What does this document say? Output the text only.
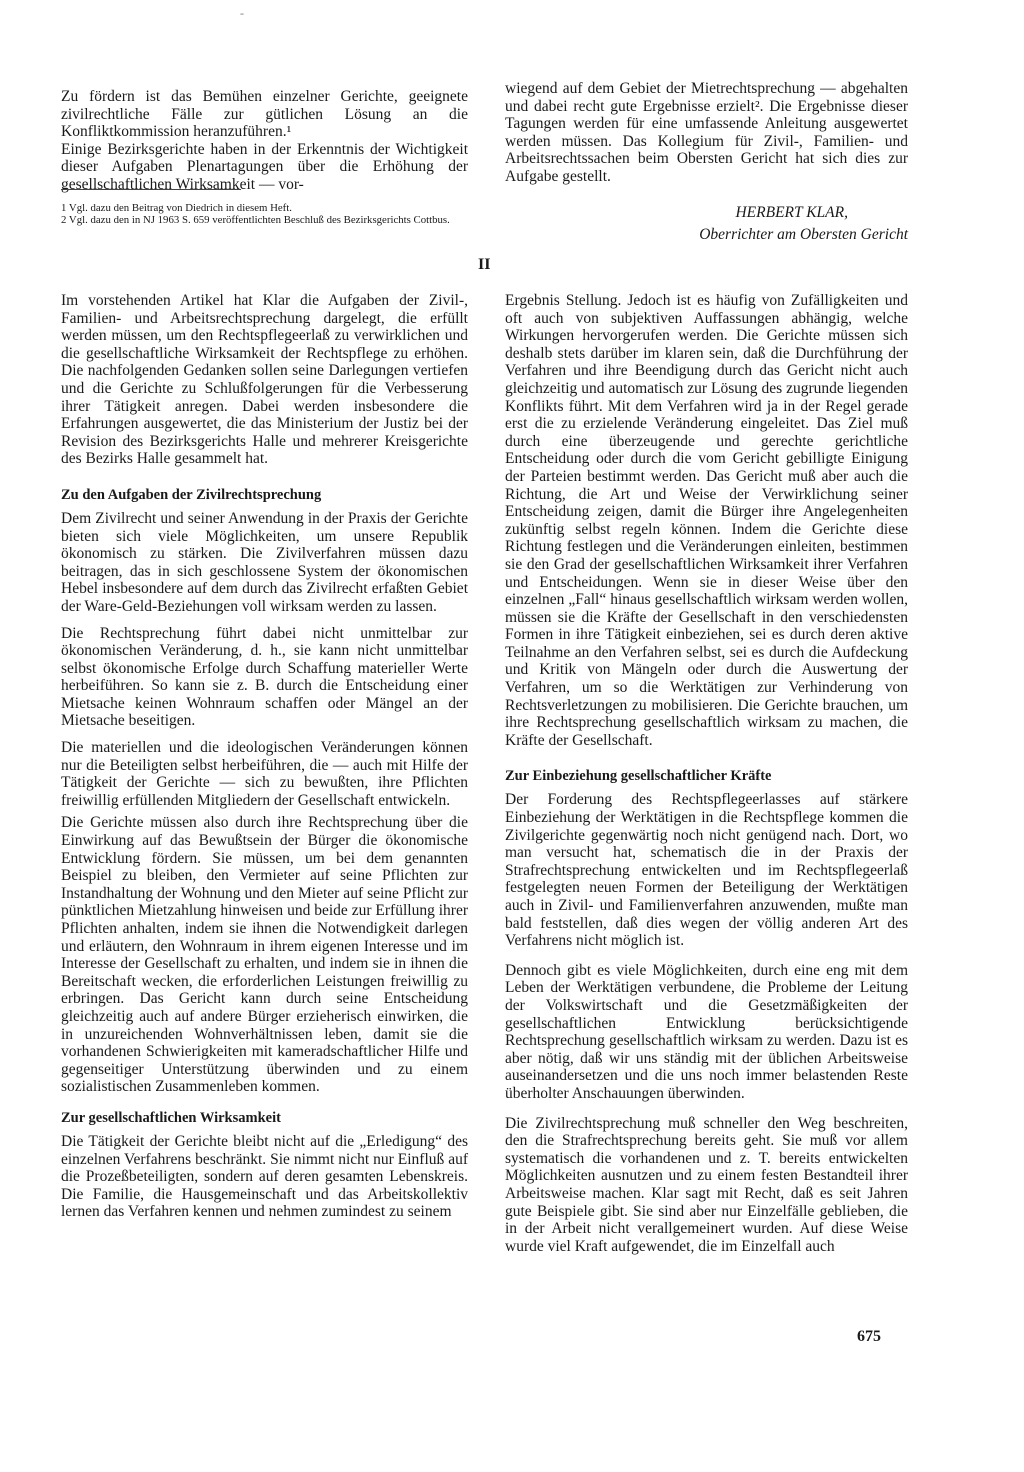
-

Zu fördern ist das Bemühen einzelner Gerichte, geeignete zivilrechtliche Fälle zur gütlichen Lösung an die Konfliktkommission heranzuführen.¹

Einige Bezirksgerichte haben in der Erkenntnis der Wichtigkeit dieser Aufgaben Plenartagungen über die Erhöhung der gesellschaftlichen Wirksamkeit — vor-

1 Vgl. dazu den Beitrag von Diedrich in diesem Heft.

2 Vgl. dazu den in NJ 1963 S. 659 veröffentlichten Beschluß des Bezirksgerichts Cottbus.

wiegend auf dem Gebiet der Mietrechtsprechung — abgehalten und dabei recht gute Ergebnisse erzielt². Die Ergebnisse dieser Tagungen werden für eine umfassende Anleitung ausgewertet werden müssen. Das Kollegium für Zivil-, Familien- und Arbeitsrechtssachen beim Obersten Gericht hat sich dies zur Aufgabe gestellt.

HERBERT KLAR,
Oberrichter am Obersten Gericht
II

Im vorstehenden Artikel hat Klar die Aufgaben der Zivil-, Familien- und Arbeitsrechtsprechung dargelegt, die erfüllt werden müssen, um den Rechtspflegeerlaß zu verwirklichen und die gesellschaftliche Wirksamkeit der Rechtspflege zu erhöhen. Die nachfolgenden Gedanken sollen seine Darlegungen vertiefen und die Gerichte zu Schlußfolgerungen für die Verbesserung ihrer Tätigkeit anregen. Dabei werden insbesondere die Erfahrungen ausgewertet, die das Ministerium der Justiz bei der Revision des Bezirksgerichts Halle und mehrerer Kreisgerichte des Bezirks Halle gesammelt hat.

Zu den Aufgaben der Zivilrechtsprechung

Dem Zivilrecht und seiner Anwendung in der Praxis der Gerichte bieten sich viele Möglichkeiten, um unsere Republik ökonomisch zu stärken. Die Zivilverfahren müssen dazu beitragen, das in sich geschlossene System der ökonomischen Hebel insbesondere auf dem durch das Zivilrecht erfaßten Gebiet der Ware-Geld-Beziehungen voll wirksam werden zu lassen.

Die Rechtsprechung führt dabei nicht unmittelbar zur ökonomischen Veränderung, d. h., sie kann nicht unmittelbar selbst ökonomische Erfolge durch Schaffung materieller Werte herbeiführen. So kann sie z. B. durch die Entscheidung einer Mietsache keinen Wohnraum schaffen oder Mängel an der Mietsache beseitigen.

Die materiellen und die ideologischen Veränderungen können nur die Beteiligten selbst herbeiführen, die — auch mit Hilfe der Tätigkeit der Gerichte — sich zu bewußten, ihre Pflichten freiwillig erfüllenden Mitgliedern der Gesellschaft entwickeln.

Die Gerichte müssen also durch ihre Rechtsprechung über die Einwirkung auf das Bewußtsein der Bürger die ökonomische Entwicklung fördern. Sie müssen, um bei dem genannten Beispiel zu bleiben, den Vermieter auf seine Pflichten zur Instandhaltung der Wohnung und den Mieter auf seine Pflicht zur pünktlichen Mietzahlung hinweisen und beide zur Erfüllung ihrer Pflichten anhalten, indem sie ihnen die Notwendigkeit darlegen und erläutern, den Wohnraum in ihrem eigenen Interesse und im Interesse der Gesellschaft zu erhalten, und indem sie in ihnen die Bereitschaft wecken, die erforderlichen Leistungen freiwillig zu erbringen. Das Gericht kann durch seine Entscheidung gleichzeitig auch auf andere Bürger erzieherisch einwirken, die in unzureichenden Wohnverhältnissen leben, damit sie die vorhandenen Schwierigkeiten mit kameradschaftlicher Hilfe und gegenseitiger Unterstützung überwinden und zu einem sozialistischen Zusammenleben kommen.

Zur gesellschaftlichen Wirksamkeit

Die Tätigkeit der Gerichte bleibt nicht auf die „Erledigung“ des einzelnen Verfahrens beschränkt. Sie nimmt nicht nur Einfluß auf die Prozeßbeteiligten, sondern auf deren gesamten Lebenskreis. Die Familie, die Hausgemeinschaft und das Arbeitskollektiv lernen das Verfahren kennen und nehmen zumindest zu seinem

Ergebnis Stellung. Jedoch ist es häufig von Zufälligkeiten und oft auch von subjektiven Auffassungen abhängig, welche Wirkungen hervorgerufen werden. Die Gerichte müssen sich deshalb stets darüber im klaren sein, daß die Durchführung der Verfahren und ihre Beendigung durch das Gericht nicht auch gleichzeitig und automatisch zur Lösung des zugrunde liegenden Konflikts führt. Mit dem Verfahren wird ja in der Regel gerade erst die zu erzielende Veränderung eingeleitet. Das Ziel muß durch eine überzeugende und gerechte gerichtliche Entscheidung oder durch die vom Gericht gebilligte Einigung der Parteien bestimmt werden. Das Gericht muß aber auch die Richtung, die Art und Weise der Verwirklichung seiner Entscheidung zeigen, damit die Bürger ihre Angelegenheiten zukünftig selbst regeln können. Indem die Gerichte diese Richtung festlegen und die Veränderungen einleiten, bestimmen sie den Grad der gesellschaftlichen Wirksamkeit ihrer Verfahren und Entscheidungen. Wenn sie in dieser Weise über den einzelnen „Fall“ hinaus gesellschaftlich wirksam werden wollen, müssen sie die Kräfte der Gesellschaft in den verschiedensten Formen in ihre Tätigkeit einbeziehen, sei es durch deren aktive Teilnahme an den Verfahren selbst, sei es durch die Aufdeckung und Kritik von Mängeln oder durch die Auswertung der Verfahren, um so die Werktätigen zur Verhinderung von Rechtsverletzungen zu mobilisieren. Die Gerichte brauchen, um ihre Rechtsprechung gesellschaftlich wirksam zu machen, die Kräfte der Gesellschaft.

Zur Einbeziehung gesellschaftlicher Kräfte

Der Forderung des Rechtspflegeerlasses auf stärkere Einbeziehung der Werktätigen in die Rechtspflege kommen die Zivilgerichte gegenwärtig noch nicht genügend nach. Dort, wo man versucht hat, schematisch die in der Praxis der Strafrechtsprechung entwickelten und im Rechtspflegeerlaß festgelegten neuen Formen der Beteiligung der Werktätigen auch in Zivil- und Familienverfahren anzuwenden, mußte man bald feststellen, daß dies wegen der völlig anderen Art des Verfahrens nicht möglich ist.

Dennoch gibt es viele Möglichkeiten, durch eine eng mit dem Leben der Werktätigen verbundene, die Probleme der Leitung der Volkswirtschaft und die Gesetzmäßigkeiten der gesellschaftlichen Entwicklung berücksichtigende Rechtsprechung gesellschaftlich wirksam zu werden. Dazu ist es aber nötig, daß wir uns ständig mit der üblichen Arbeitsweise auseinandersetzen und die uns noch immer belastenden Reste überholter Anschauungen überwinden.

Die Zivilrechtsprechung muß schneller den Weg beschreiten, den die Strafrechtsprechung bereits geht. Sie muß vor allem systematisch die vorhandenen und z. T. bereits entwickelten Möglichkeiten ausnutzen und zu einem festen Bestandteil ihrer Arbeitsweise machen. Klar sagt mit Recht, daß es seit Jahren gute Beispiele gibt. Sie sind aber nur Einzelfälle geblieben, die in der Arbeit nicht verallgemeinert wurden. Auf diese Weise wurde viel Kraft aufgewendet, die im Einzelfall auch

675
